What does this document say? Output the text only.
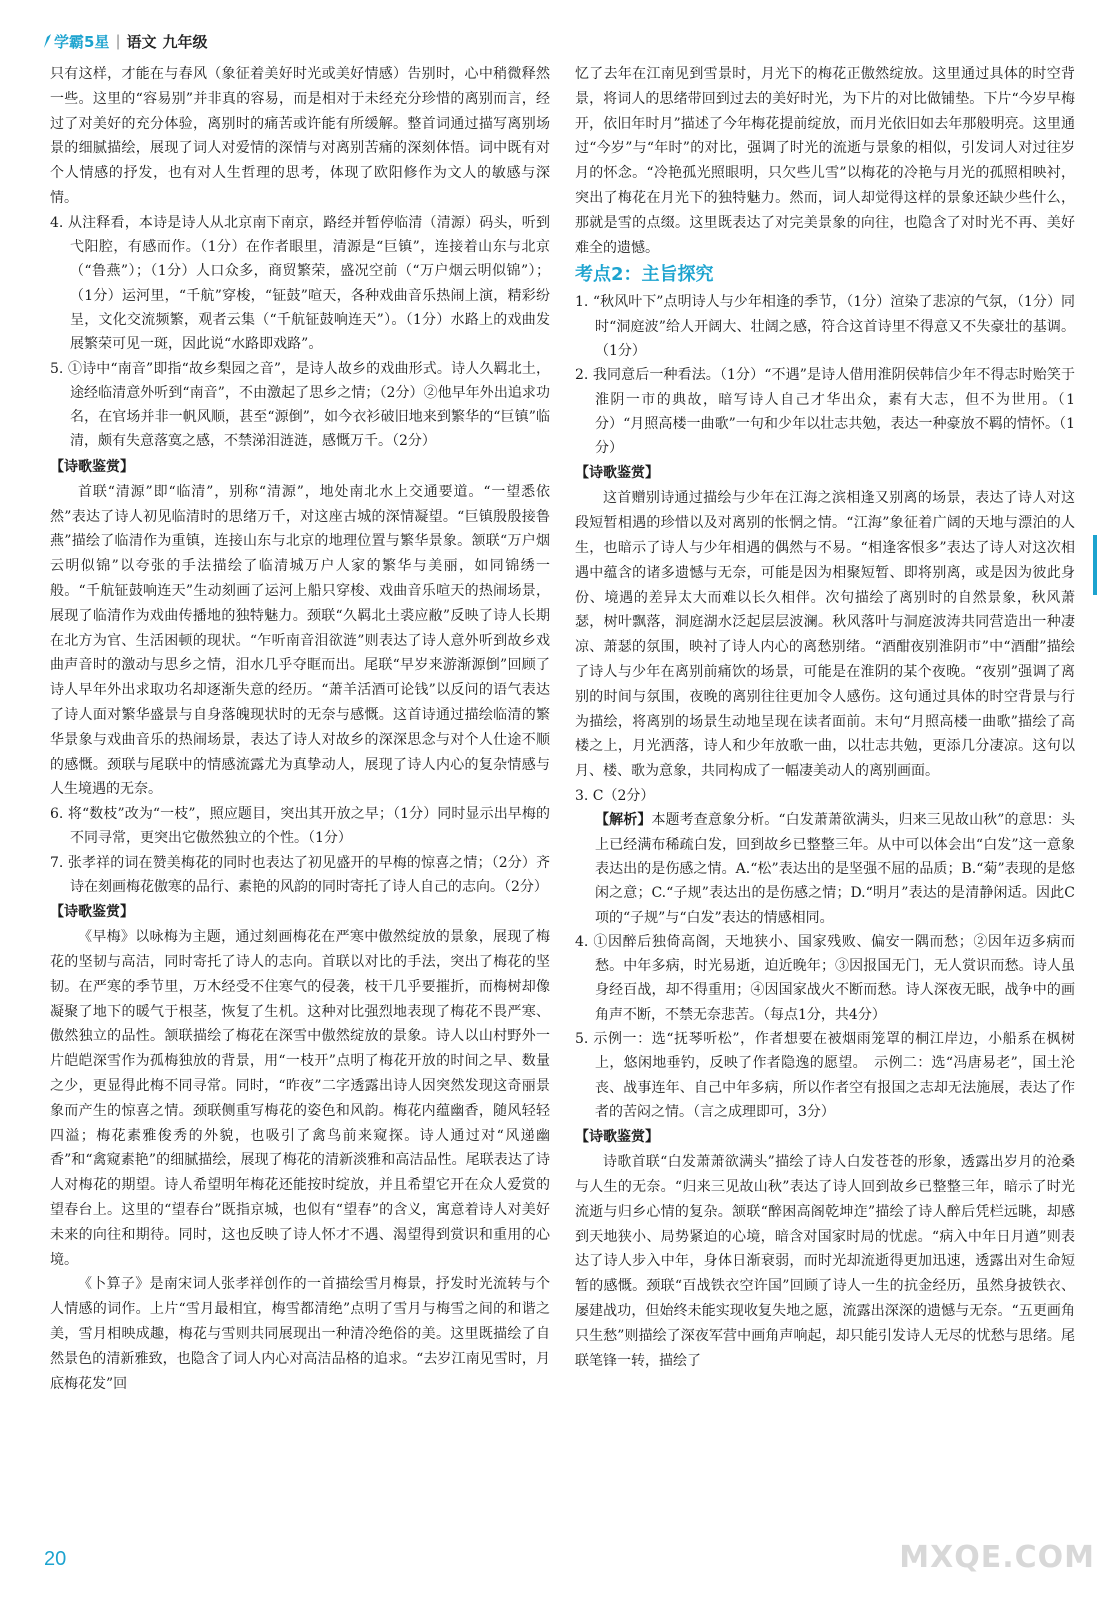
学霸5星 | 语文 九年级

只有这样，才能在与春风（象征着美好时光或美好情感）告别时，心中稍微释然一些。这里的“容易别”并非真的容易，而是相对于未经充分珍惜的离别而言，经过了对美好的充分体验，离别时的痛苦或许能有所缓解。整首词通过描写离别场景的细腻描绘，展现了词人对爱情的深情与对离别苦痛的深刻体悟。词中既有对个人情感的抒发，也有对人生哲理的思考，体现了欧阳修作为文人的敏感与深情。

4. 从注释看，本诗是诗人从北京南下南京，路经并暂停临清（清源）码头，听到弋阳腔，有感而作。（1分）在作者眼里，清源是“巨镇”，连接着山东与北京（“鲁燕”）；（1分）人口众多，商贸繁荣，盛况空前（“万户烟云明似锦”）；（1分）运河里，“千航”穿梭，“钲鼓”喧天，各种戏曲音乐热闹上演，精彩纷呈，文化交流频繁，观者云集（“千航钲鼓响连天”）。（1分）水路上的戏曲发展繁荣可见一斑，因此说“水路即戏路”。

5. ①诗中“南音”即指“故乡梨园之音”，是诗人故乡的戏曲形式。诗人久羁北土，途经临清意外听到“南音”，不由激起了思乡之情；（2分）②他早年外出追求功名，在官场并非一帆风顺，甚至“源倒”，如今衣衫破旧地来到繁华的“巨镇”临清，颇有失意落寞之感，不禁涕泪涟涟，感慨万千。（2分）

【诗歌鉴赏】

首联“清源”即“临清”，别称“清源”，地处南北水上交通要道。“一望悉依然”表达了诗人初见临清时的思绪万千，对这座古城的深情凝望。“巨镇殷殷接鲁燕”描绘了临清作为重镇，连接山东与北京的地理位置与繁华景象。颔联“万户烟云明似锦”以夸张的手法描绘了临清城万户人家的繁华与美丽，如同锦绣一般。“千航钲鼓响连天”生动刻画了运河上船只穿梭、戏曲音乐喧天的热闹场景，展现了临清作为戏曲传播地的独特魅力。颈联“久羁北土裘应敝”反映了诗人长期在北方为官、生活困顿的现状。“乍听南音泪欲涟”则表达了诗人意外听到故乡戏曲声音时的激动与思乡之情，泪水几乎夺眶而出。尾联“早岁来游渐源倒”回顾了诗人早年外出求取功名却逐渐失意的经历。“萧羊活酒可论钱”以反问的语气表达了诗人面对繁华盛景与自身落魄现状时的无奈与感慨。这首诗通过描绘临清的繁华景象与戏曲音乐的热闹场景，表达了诗人对故乡的深深思念与对个人仕途不顺的感慨。颈联与尾联中的情感流露尤为真挚动人，展现了诗人内心的复杂情感与人生境遇的无奈。

6. 将“数枝”改为“一枝”，照应题目，突出其开放之早；（1分）同时显示出早梅的不同寻常，更突出它傲然独立的个性。（1分）

7. 张孝祥的词在赞美梅花的同时也表达了初见盛开的早梅的惊喜之情；（2分）齐诗在刻画梅花傲寒的品行、素艳的风韵的同时寄托了诗人自己的志向。（2分）

【诗歌鉴赏】

《早梅》以咏梅为主题，通过刻画梅花在严寒中傲然绽放的景象，展现了梅花的坚韧与高洁，同时寄托了诗人的志向。首联以对比的手法，突出了梅花的坚韧。在严寒的季节里，万木经受不住寒气的侵袭，枝干几乎要摧折，而梅树却像凝聚了地下的暖气于根茎，恢复了生机。这种对比强烈地表现了梅花不畏严寒、傲然独立的品性。颔联描绘了梅花在深雪中傲然绽放的景象。诗人以山村野外一片皑皑深雪作为孤梅独放的背景，用“一枝开”点明了梅花开放的时间之早、数量之少，更显得此梅不同寻常。同时，“昨夜”二字透露出诗人因突然发现这奇丽景象而产生的惊喜之情。颈联侧重写梅花的姿色和风韵。梅花内蕴幽香，随风轻轻四溢；梅花素雅俊秀的外貌，也吸引了禽鸟前来窥探。诗人通过对“风递幽香”和“禽窥素艳”的细腻描绘，展现了梅花的清新淡雅和高洁品性。尾联表达了诗人对梅花的期望。诗人希望明年梅花还能按时绽放，并且希望它开在众人爱赏的望春台上。这里的“望春台”既指京城，也似有“望春”的含义，寓意着诗人对美好未来的向往和期待。同时，这也反映了诗人怀才不遇、渴望得到赏识和重用的心境。

《卜算子》是南宋词人张孝祥创作的一首描绘雪月梅景，抒发时光流转与个人情感的词作。上片“雪月最相宜，梅雪都清绝”点明了雪月与梅雪之间的和谐之美，雪月相映成趣，梅花与雪则共同展现出一种清冷绝俗的美。这里既描绘了自然景色的清新雅致，也隐含了词人内心对高洁品格的追求。“去岁江南见雪时，月底梅花发”回

忆了去年在江南见到雪景时，月光下的梅花正傲然绽放。这里通过具体的时空背景，将词人的思绪带回到过去的美好时光，为下片的对比做铺垫。下片“今岁早梅开，依旧年时月”描述了今年梅花提前绽放，而月光依旧如去年那般明亮。这里通过“今岁”与“年时”的对比，强调了时光的流逝与景象的相似，引发词人对过往岁月的怀念。“冷艳孤光照眼明，只欠些儿雪”以梅花的冷艳与月光的孤照相映衬，突出了梅花在月光下的独特魅力。然而，词人却觉得这样的景象还缺少些什么，那就是雪的点缀。这里既表达了对完美景象的向往，也隐含了对时光不再、美好难全的遗憾。

考点2：主旨探究

1. “秋风叶下”点明诗人与少年相逢的季节，（1分）渲染了悲凉的气氛，（1分）同时“洞庭波”给人开阔大、壮阔之感，符合这首诗里不得意又不失豪壮的基调。（1分）

2. 我同意后一种看法。（1分）“不遇”是诗人借用淮阴侯韩信少年不得志时贻笑于淮阴一市的典故，暗写诗人自己才华出众，素有大志，但不为世用。（1分）“月照高楼一曲歌”一句和少年以壮志共勉，表达一种豪放不羁的情怀。（1分）

【诗歌鉴赏】

这首赠别诗通过描绘与少年在江海之滨相逢又别离的场景，表达了诗人对这段短暂相遇的珍惜以及对离别的怅惘之情。“江海”象征着广阔的天地与漂泊的人生，也暗示了诗人与少年相遇的偶然与不易。“相逢客恨多”表达了诗人对这次相遇中蕴含的诸多遗憾与无奈，可能是因为相聚短暂、即将别离，或是因为彼此身份、境遇的差异太大而难以长久相伴。次句描绘了离别时的自然景象，秋风萧瑟，树叶飘落，洞庭湖水泛起层层波澜。秋风落叶与洞庭波涛共同营造出一种凄凉、萧瑟的氛围，映衬了诗人内心的离愁别绪。“酒酣夜别淮阴市”中“酒酣”描绘了诗人与少年在离别前痛饮的场景，可能是在淮阴的某个夜晚。“夜别”强调了离别的时间与氛围，夜晚的离别往往更加令人感伤。这句通过具体的时空背景与行为描绘，将离别的场景生动地呈现在读者面前。末句“月照高楼一曲歌”描绘了高楼之上，月光洒落，诗人和少年放歌一曲，以壮志共勉，更添几分凄凉。这句以月、楼、歌为意象，共同构成了一幅凄美动人的离别画面。

3. C（2分）

【解析】本题考查意象分析。“白发萧萧欲满头，归来三见故山秋”的意思：头上已经满布稀疏白发，回到故乡已整整三年。从中可以体会出“白发”这一意象表达出的是伤感之情。A.“松”表达出的是坚强不屈的品质；B.“菊”表现的是悠闲之意；C.“子规”表达出的是伤感之情；D.“明月”表达的是清静闲适。因此C项的“子规”与“白发”表达的情感相同。

4. ①因醉后独倚高阁，天地狭小、国家残败、偏安一隅而愁；②因年迈多病而愁。中年多病，时光易逝，迫近晚年；③因报国无门，无人赏识而愁。诗人虽身经百战，却不得重用；④因国家战火不断而愁。诗人深夜无眠，战争中的画角声不断，不禁无奈悲苦。（每点1分，共4分）

5. 示例一：选“抚琴听松”，作者想要在被烟雨笼罩的桐江岸边，小船系在枫树上，悠闲地垂钓，反映了作者隐逸的愿望。　示例二：选“冯唐易老”，国土沦丧、战事连年、自己中年多病，所以作者空有报国之志却无法施展，表达了作者的苦闷之情。（言之成理即可，3分）

【诗歌鉴赏】

诗歌首联“白发萧萧欲满头”描绘了诗人白发苍苍的形象，透露出岁月的沧桑与人生的无奈。“归来三见故山秋”表达了诗人回到故乡已整整三年，暗示了时光流逝与归乡心情的复杂。颔联“醉困高阁乾坤迮”描绘了诗人醉后凭栏远眺，却感到天地狭小、局势紧迫的心境，暗含对国家时局的忧虑。“病入中年日月遒”则表达了诗人步入中年，身体日渐衰弱，而时光却流逝得更加迅速，透露出对生命短暂的感慨。颈联“百战铁衣空许国”回顾了诗人一生的抗金经历，虽然身披铁衣、屡建战功，但始终未能实现收复失地之愿，流露出深深的遗憾与无奈。“五更画角只生愁”则描绘了深夜军营中画角声响起，却只能引发诗人无尽的忧愁与思绪。尾联笔锋一转，描绘了

20	MXQE.COM
